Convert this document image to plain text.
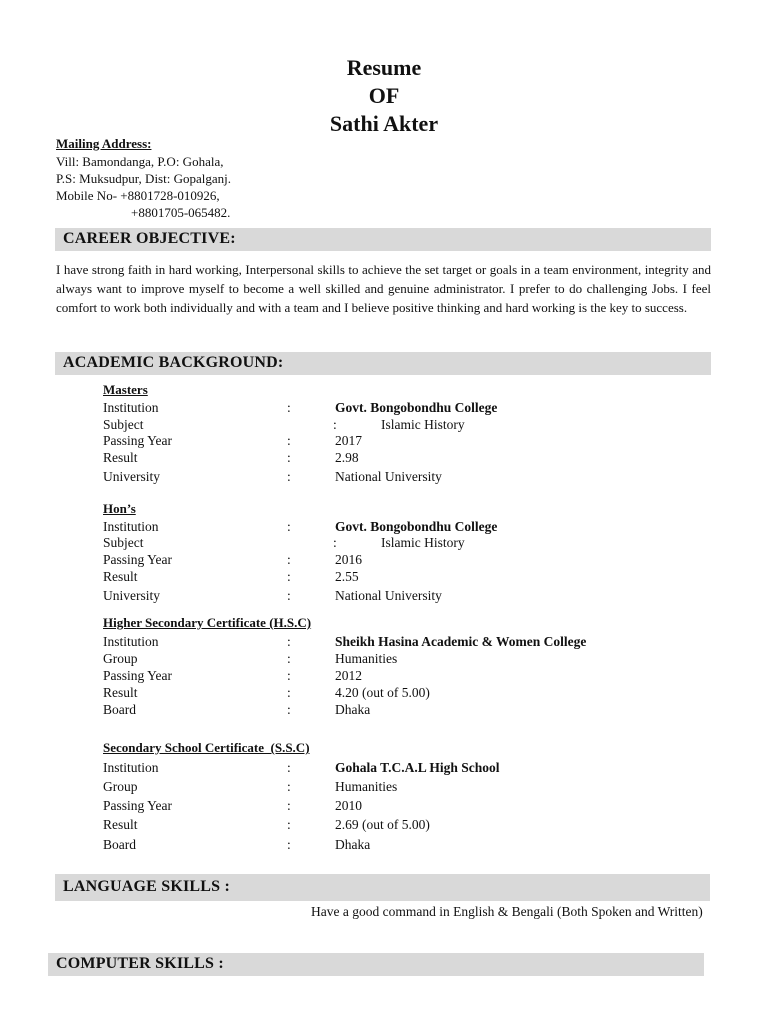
Resume
OF
Sathi Akter
Mailing Address:
Vill: Bamondanga, P.O: Gohala,
P.S: Muksudpur, Dist: Gopalganj.
Mobile No- +8801728-010926,
+8801705-065482.
CAREER OBJECTIVE:
I have strong faith in hard working, Interpersonal skills to achieve the set target or goals in a team environment, integrity and always want to improve myself to become a well skilled and genuine administrator. I prefer to do challenging Jobs. I feel comfort to work both individually and with a team and I believe positive thinking and hard working is the key to success.
ACADEMIC BACKGROUND:
Masters
Institution	:	Govt. Bongobondhu College
Subject	:	Islamic History
Passing Year	:	2017
Result	:	2.98
University	:	National University
Hon’s
Institution	:	Govt. Bongobondhu College
Subject	:	Islamic History
Passing Year	:	2016
Result	:	2.55
University	:	National University
Higher Secondary Certificate (H.S.C)
Institution	:	Sheikh Hasina Academic & Women College
Group	:	Humanities
Passing Year	:	2012
Result	:	4.20 (out of 5.00)
Board	:	Dhaka
Secondary School Certificate  (S.S.C)
Institution	:	Gohala T.C.A.L High School
Group	:	Humanities
Passing Year	:	2010
Result	:	2.69 (out of 5.00)
Board	:	Dhaka
LANGUAGE SKILLS :
Have a good command in English & Bengali (Both Spoken and Written)
COMPUTER SKILLS :
